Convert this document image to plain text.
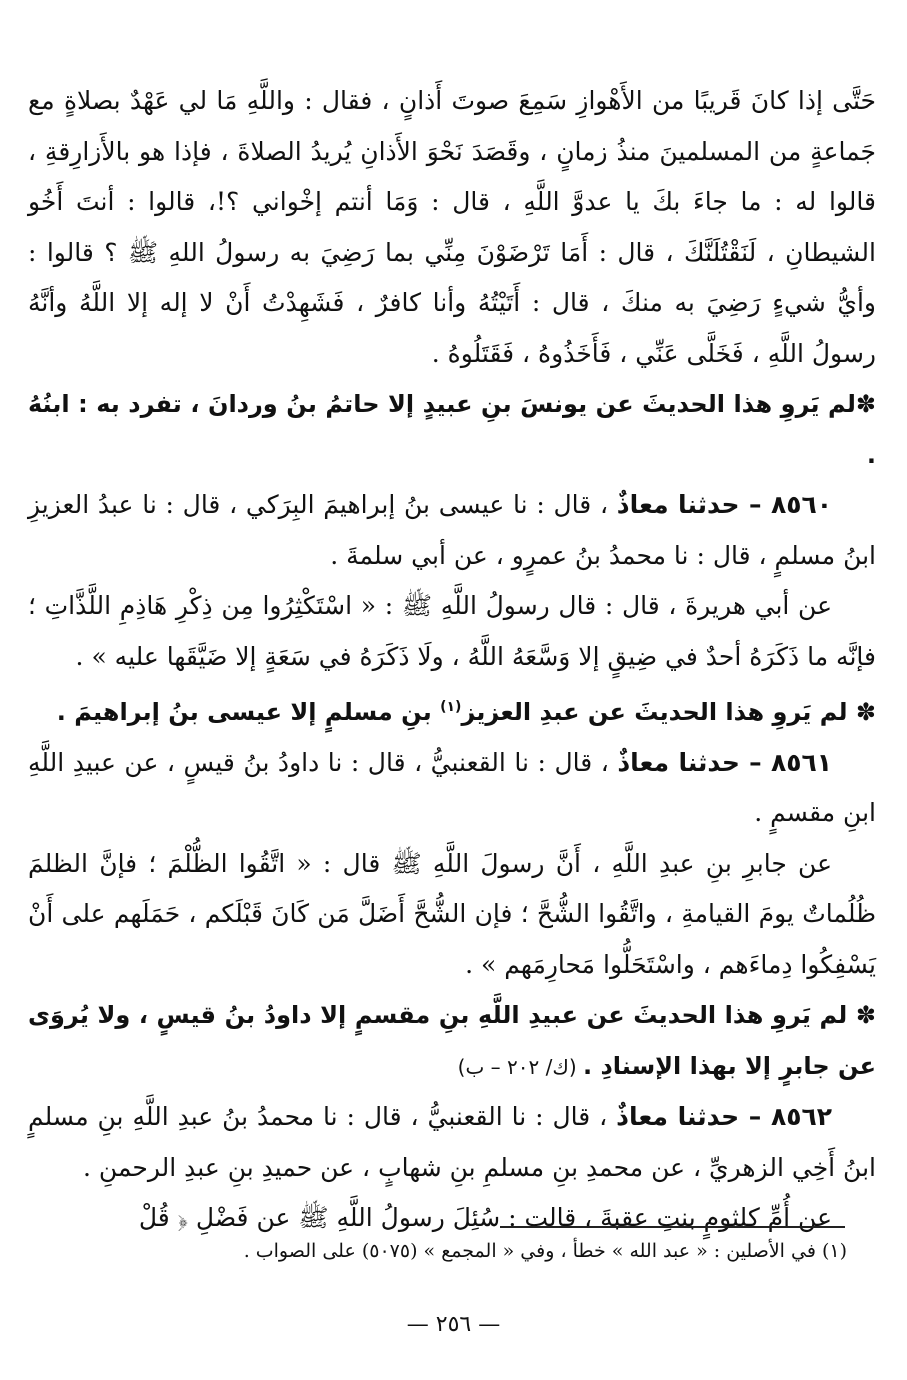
حَتَّى إذا كانَ قَريبًا من الأَهْوازِ سَمِعَ صوتَ أَذانٍ ، فقال : واللَّهِ مَا لي عَهْدٌ بصلاةٍ مع جَماعةٍ من المسلمينَ منذُ زمانٍ ، وقَصَدَ نَحْوَ الأَذانِ يُريدُ الصلاةَ ، فإذا هو بالأَزارِقةِ ، قالوا له : ما جاءَ بكَ يا عدوَّ اللَّهِ ، قال : وَمَا أنتم إخْواني ؟!، قالوا : أنتَ أَخُو الشيطانِ ، لَنَقْتُلَنَّكَ ، قال : أَمَا تَرْضَوْنَ مِنِّي بما رَضِيَ به رسولُ اللهِ ﷺ ؟ قالوا : وأيُّ شيءٍ رَضِيَ به منكَ ، قال : أَتَيْتُهُ وأنا كافرٌ ، فَشَهِدْتُ أَنْ لا إله إلا اللَّهُ وأنَّهُ رسولُ اللَّهِ ، فَخَلَّى عَنِّي ، فَأَخَذُوهُ ، فَقَتَلُوهُ .

✽لم يَروِ هذا الحديثَ عن يونسَ بنِ عبيدٍ إلا حاتمُ بنُ وردانَ ، تفرد به : ابنُهُ .

٨٥٦٠ – حدثنا معاذٌ ، قال : نا عيسى بنُ إبراهيمَ البِرَكي ، قال : نا عبدُ العزيزِ ابنُ مسلمٍ ، قال : نا محمدُ بنُ عمرٍو ، عن أبي سلمةَ .

عن أبي هريرةَ ، قال : قال رسولُ اللَّهِ ﷺ : « اسْتَكْثِرُوا مِن ذِكْرِ هَاذِمِ اللَّذَّاتِ ؛ فإنَّه ما ذَكَرَهُ أحدٌ في ضِيقٍ إلا وَسَّعَهُ اللَّهُ ، ولَا ذَكَرَهُ في سَعَةٍ إلا ضَيَّقَها عليه » .

✽ لم يَروِ هذا الحديثَ عن عبدِ العزيز$^{(١)}$ بنِ مسلمٍ إلا عيسى بنُ إبراهيمَ .

٨٥٦١ – حدثنا معاذٌ ، قال : نا القعنبيُّ ، قال : نا داودُ بنُ قيسٍ ، عن عبيدِ اللَّهِ ابنِ مقسمٍ .

عن جابرِ بنِ عبدِ اللَّهِ ، أَنَّ رسولَ اللَّهِ ﷺ قال : « اتَّقُوا الظُّلْمَ ؛ فإنَّ الظلمَ ظُلُماتٌ يومَ القيامةِ ، واتَّقُوا الشُّحَّ ؛ فإن الشُّحَّ أَضَلَّ مَن كَانَ قَبْلَكم ، حَمَلَهم على أَنْ يَسْفِكُوا دِماءَهم ، واسْتَحَلُّوا مَحارِمَهم » .

✽ لم يَروِ هذا الحديثَ عن عبيدِ اللَّهِ بنِ مقسمٍ إلا داودُ بنُ قيسٍ ، ولا يُروَى عن جابرٍ إلا بهذا الإسنادِ . (ك/ ٢٠٢ – ب)

٨٥٦٢ – حدثنا معاذٌ ، قال : نا القعنبيُّ ، قال : نا محمدُ بنُ عبدِ اللَّهِ بنِ مسلمٍ ابنُ أَخِي الزهريِّ ، عن محمدِ بنِ مسلمِ بنِ شهابٍ ، عن حميدِ بنِ عبدِ الرحمنِ .

عن أُمِّ كلثومٍ بنتِ عقبةَ ، قالت : سُئِلَ رسولُ اللَّهِ ﷺ عن فَضْلِ ﴿ قُلْ

(١) في الأصلين : « عبد الله » خطأ ، وفي « المجمع » (٥٠٧٥) على الصواب .
— ٢٥٦ —
